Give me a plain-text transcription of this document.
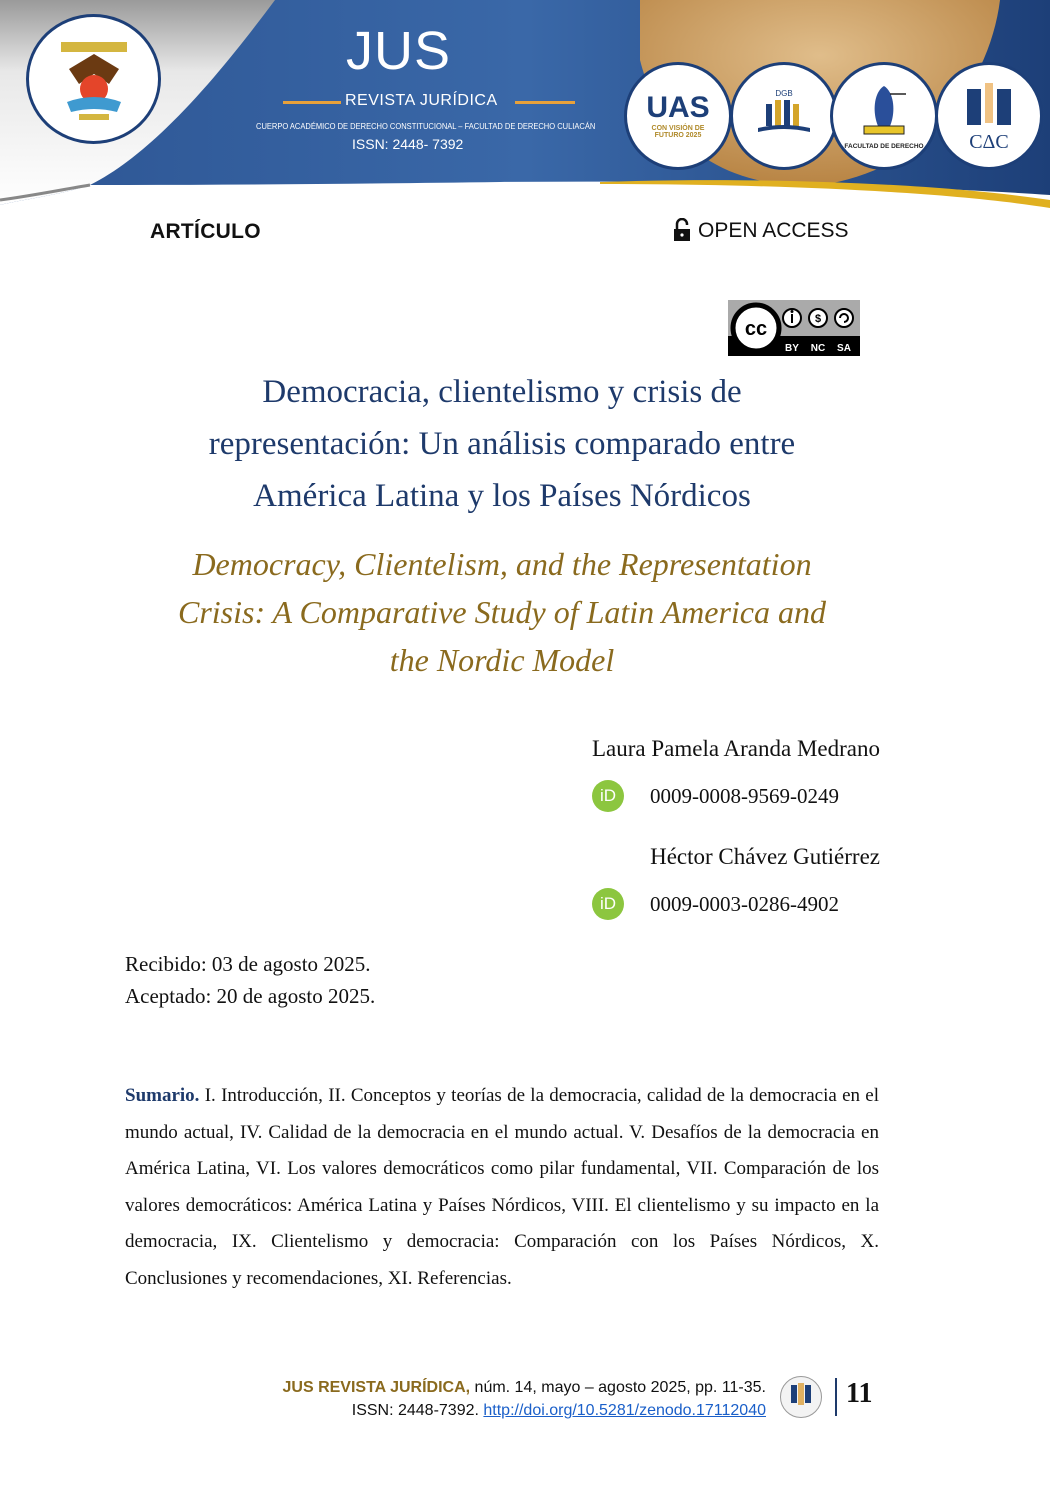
JUS
REVISTA JURÍDICA
CUERPO ACADÉMICO DE DERECHO CONSTITUCIONAL – FACULTAD DE DERECHO CULIACÁN
ISSN: 2448- 7392
UAS
CON VISIÓN DE FUTURO 2025
DGB
FACULTAD DE DERECHO	CΔC
ARTÍCULO	OPEN ACCESS
cc	$
BY NC SA
Democracia, clientelismo y crisis de
representación: Un análisis comparado entre
América Latina y los Países Nórdicos
Democracy, Clientelism, and the Representation
Crisis: A Comparative Study of Latin America and
the Nordic Model
Laura Pamela Aranda Medrano
iD	0009-0008-9569-0249
Héctor Chávez Gutiérrez
iD	0009-0003-0286-4902
Recibido: 03 de agosto 2025.
Aceptado: 20 de agosto 2025.
Sumario. I. Introducción, II. Conceptos y teorías de la democracia, calidad de la democracia en el mundo actual, IV. Calidad de la democracia en el mundo actual. V. Desafíos de la democracia en América Latina, VI. Los valores democráticos como pilar fundamental, VII. Comparación de los valores democráticos: América Latina y Países Nórdicos, VIII. El clientelismo y su impacto en la democracia, IX. Clientelismo y democracia: Comparación con los Países Nórdicos, X. Conclusiones y recomendaciones, XI. Referencias.
JUS REVISTA JURÍDICA, núm. 14, mayo – agosto 2025, pp. 11-35.
ISSN: 2448-7392. http://doi.org/10.5281/zenodo.17112040
11
